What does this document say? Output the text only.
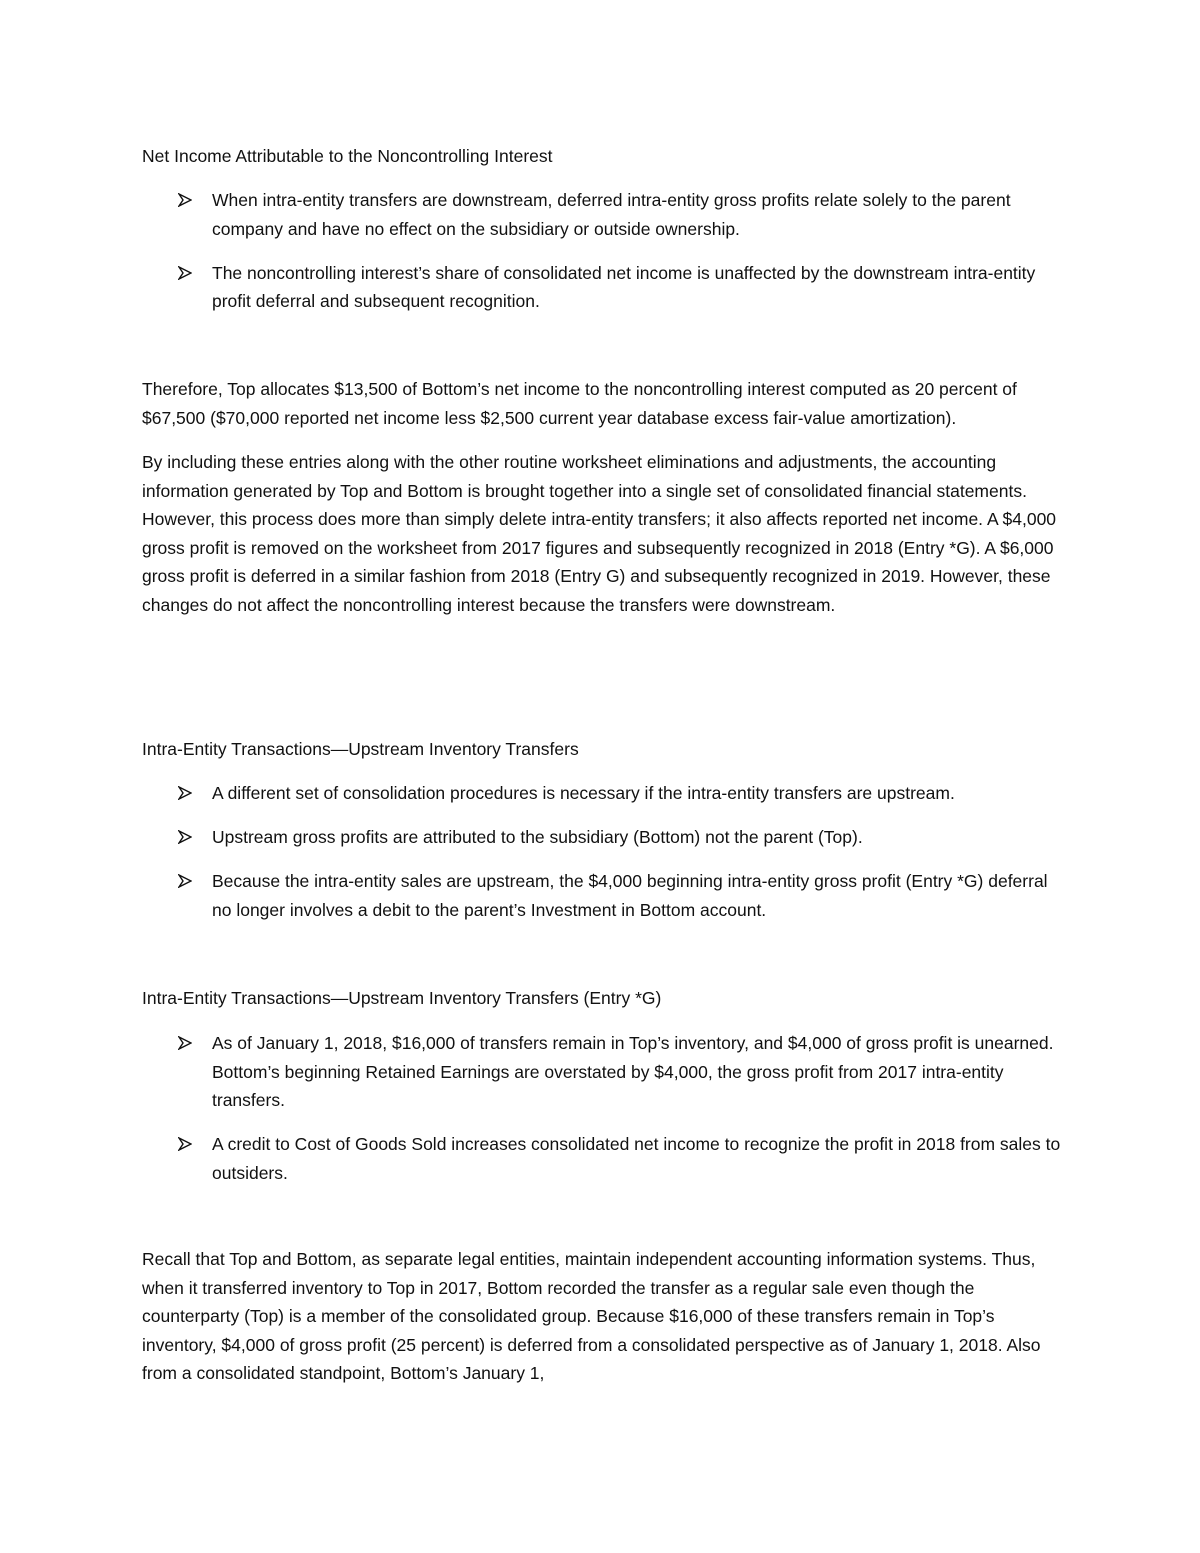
Net Income Attributable to the Noncontrolling Interest
When intra-entity transfers are downstream, deferred intra-entity gross profits relate solely to the parent company and have no effect on the subsidiary or outside ownership.
The noncontrolling interest’s share of consolidated net income is unaffected by the downstream intra-entity profit deferral and subsequent recognition.

Therefore, Top allocates $13,500 of Bottom’s net income to the noncontrolling interest computed as 20 percent of $67,500 ($70,000 reported net income less $2,500 current year database excess fair-value amortization).

By including these entries along with the other routine worksheet eliminations and adjustments, the accounting information generated by Top and Bottom is brought together into a single set of consolidated financial statements. However, this process does more than simply delete intra-entity transfers; it also affects reported net income. A $4,000 gross profit is removed on the worksheet from 2017 figures and subsequently recognized in 2018 (Entry *G). A $6,000 gross profit is deferred in a similar fashion from 2018 (Entry G) and subsequently recognized in 2019. However, these changes do not affect the noncontrolling interest because the transfers were downstream.

Intra-Entity Transactions—Upstream Inventory Transfers
A different set of consolidation procedures is necessary if the intra-entity transfers are upstream.
Upstream gross profits are attributed to the subsidiary (Bottom) not the parent (Top).
Because the intra-entity sales are upstream, the $4,000 beginning intra-entity gross profit (Entry *G) deferral no longer involves a debit to the parent’s Investment in Bottom account.
Intra-Entity Transactions—Upstream Inventory Transfers (Entry *G)
As of January 1, 2018, $16,000 of transfers remain in Top’s inventory, and $4,000 of gross profit is unearned. Bottom’s beginning Retained Earnings are overstated by $4,000, the gross profit from 2017 intra-entity transfers.
A credit to Cost of Goods Sold increases consolidated net income to recognize the profit in 2018 from sales to outsiders.

Recall that Top and Bottom, as separate legal entities, maintain independent accounting information systems. Thus, when it transferred inventory to Top in 2017, Bottom recorded the transfer as a regular sale even though the counterparty (Top) is a member of the consolidated group. Because $16,000 of these transfers remain in Top’s inventory, $4,000 of gross profit (25 percent) is deferred from a consolidated perspective as of January 1, 2018. Also from a consolidated standpoint, Bottom’s January 1,
